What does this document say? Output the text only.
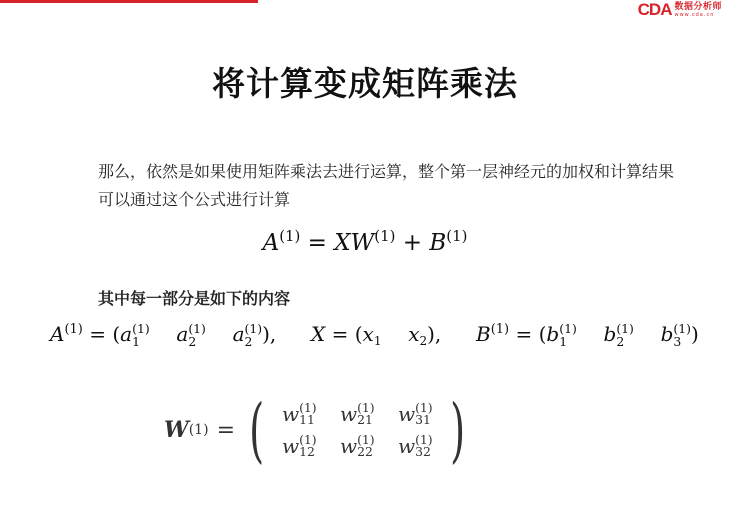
CDA 数据分析师
www.cda.cn
将计算变成矩阵乘法
那么，依然是如果使用矩阵乘法去进行运算，整个第一层神经元的加权和计算结果可以通过这个公式进行计算
$A^{(1)} = XW^{(1)} + B^{(1)}$
其中每一部分是如下的内容
$A^{(1)} = (a$ (1)
1	a (1)
2	a (1)
2 ), $X = (x_1$ $x_2$), $B^{(1)} = (b$ (1)
1	b (1)
2	b (1)
3 )
W (1) = ( w (1)
11 w (1)
21 w (1)
31
w (1)
12 w (1)
22 w (1)
32 )
